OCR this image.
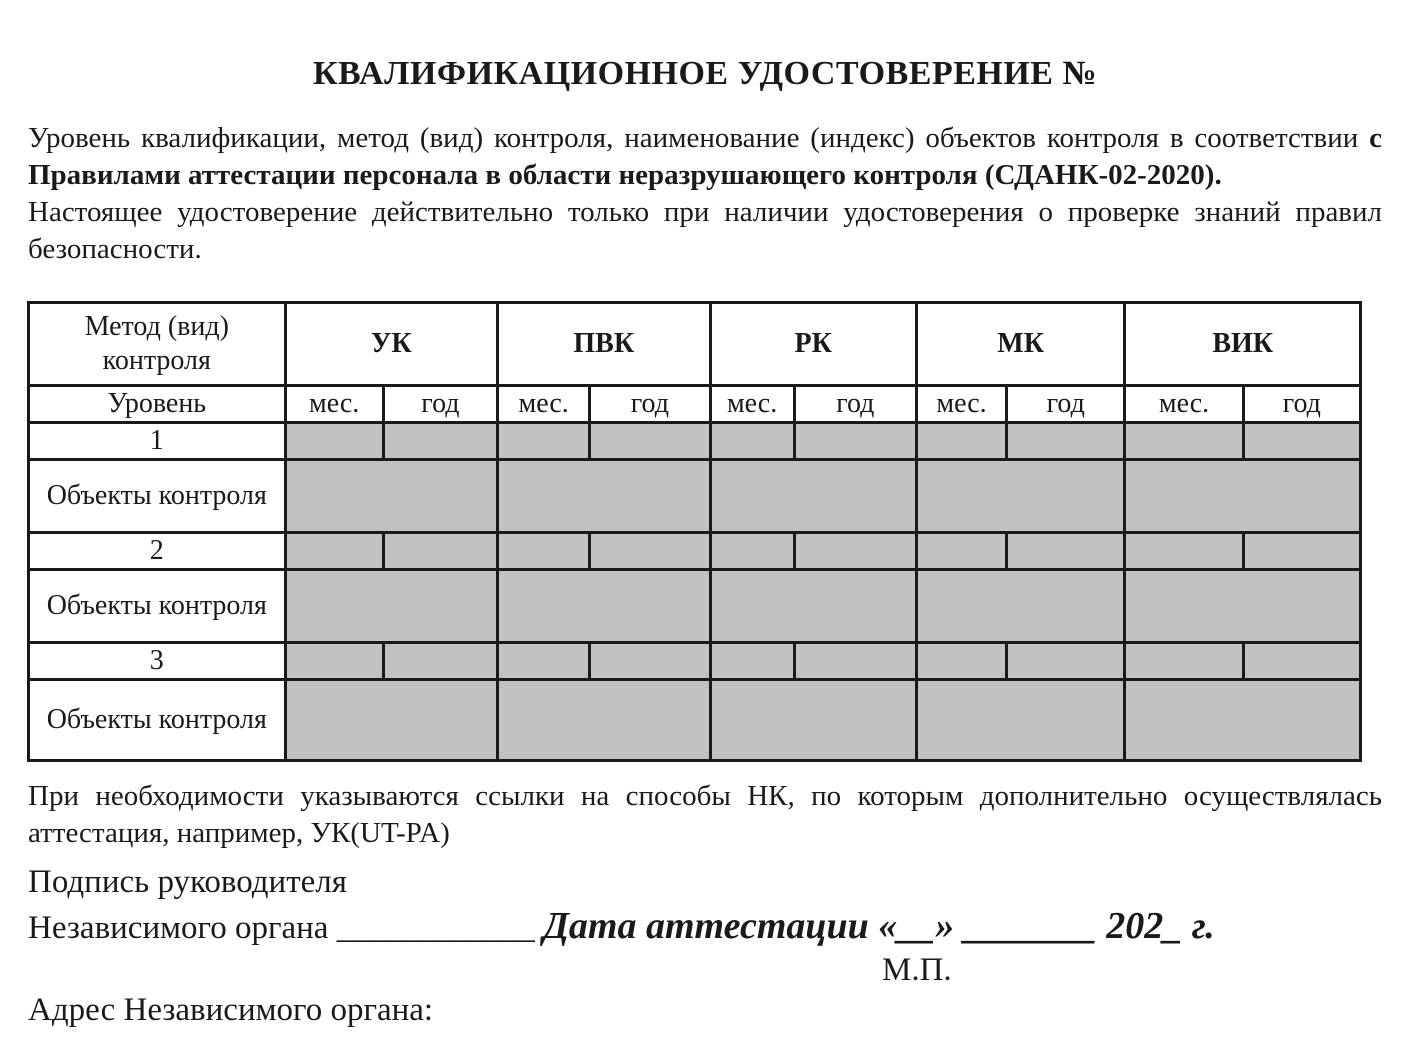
КВАЛИФИКАЦИОННОЕ УДОСТОВЕРЕНИЕ №

Уровень квалификации, метод (вид) контроля, наименование (индекс) объектов контроля в соответствии с Правилами аттестации персонала в области неразрушающего контроля (СДАНК-02-2020).

Настоящее удостоверение действительно только при наличии удостоверения о проверке знаний правил безопасности.

Метод (вид) контроля	УК		ПВК		РК		МК		ВИК	
Уровень	мес.	год	мес.	год	мес.	год	мес.	год	мес.	год
1										
Объекты контроля										
2										
Объекты контроля										
3										
Объекты контроля										
При необходимости указываются ссылки на способы НК, по которым дополнительно осуществлялась аттестация, например, УК(UT-PA)
Подпись руководителя
Независимого органа ____________ Дата аттестации «__» _______ 202_ г.
М.П.
Адрес Независимого органа:
